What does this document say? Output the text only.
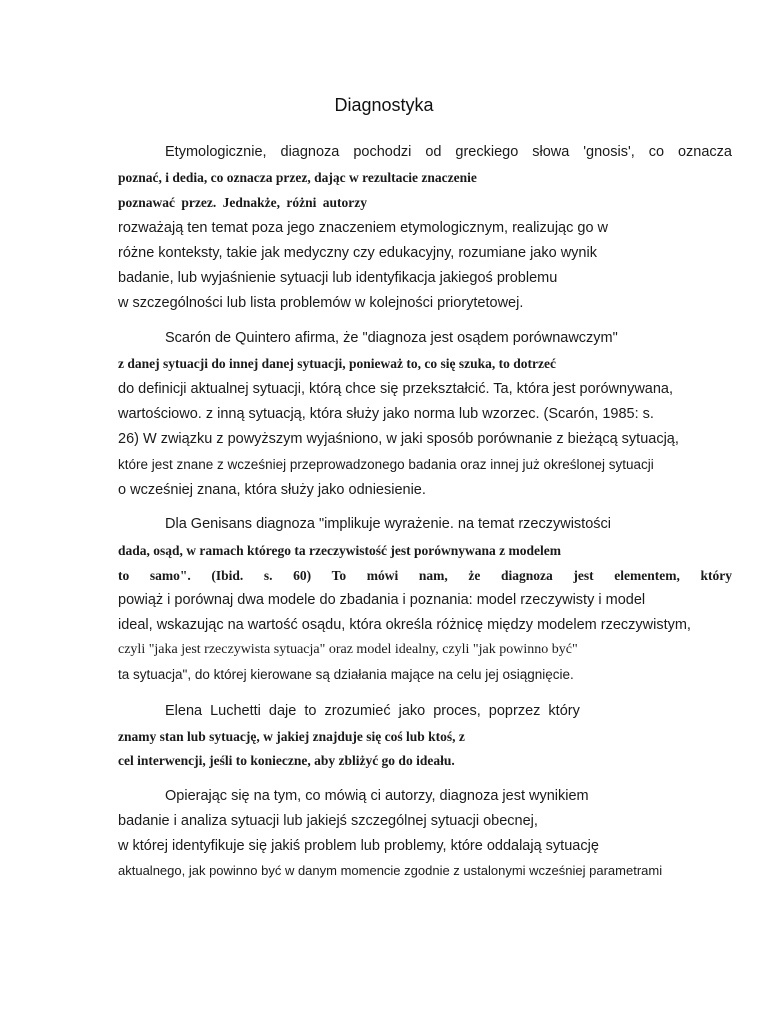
Diagnostyka
Etymologicznie, diagnoza pochodzi od greckiego słowa 'gnosis', co oznacza
poznać, i dedia, co oznacza przez, dając w rezultacie znaczenie
poznawać przez. Jednakże, różni autorzy
rozważają ten temat poza jego znaczeniem etymologicznym, realizując go w
różne konteksty, takie jak medyczny czy edukacyjny, rozumiane jako wynik
badanie, lub wyjaśnienie sytuacji lub identyfikacja jakiegoś problemu
w szczególności lub lista problemów w kolejności priorytetowej.
Scarón de Quintero afirma, że "diagnoza jest osądem porównawczym"
z danej sytuacji do innej danej sytuacji, ponieważ to, co się szuka, to dotrzeć
do definicji aktualnej sytuacji, którą chce się przekształcić. Ta, która jest porównywana,
wartościowo. z inną sytuacją, która służy jako norma lub wzorzec. (Scarón, 1985: s.
26) W związku z powyższym wyjaśniono, w jaki sposób porównanie z bieżącą sytuacją,
które jest znane z wcześniej przeprowadzonego badania oraz innej już określonej sytuacji
o wcześniej znana, która służy jako odniesienie.
Dla Genisans diagnoza "implikuje wyrażenie. na temat rzeczywistości
dada, osąd, w ramach którego ta rzeczywistość jest porównywana z modelem
to samo". (Ibid. s. 60) To mówi nam, że diagnoza jest elementem, który
powiąż i porównaj dwa modele do zbadania i poznania: model rzeczywisty i model
ideal, wskazując na wartość osądu, która określa różnicę między modelem rzeczywistym,
czyli "jaka jest rzeczywista sytuacja" oraz model idealny, czyli "jak powinno być"
ta sytuacja", do której kierowane są działania mające na celu jej osiągnięcie.
Elena Luchetti daje to zrozumieć jako proces, poprzez który
znamy stan lub sytuację, w jakiej znajduje się coś lub ktoś, z
cel interwencji, jeśli to konieczne, aby zbliżyć go do ideału.
Opierając się na tym, co mówią ci autorzy, diagnoza jest wynikiem
badanie i analiza sytuacji lub jakiejś szczególnej sytuacji obecnej,
w której identyfikuje się jakiś problem lub problemy, które oddalają sytuację
aktualnego, jak powinno być w danym momencie zgodnie z ustalonymi wcześniej parametrami
